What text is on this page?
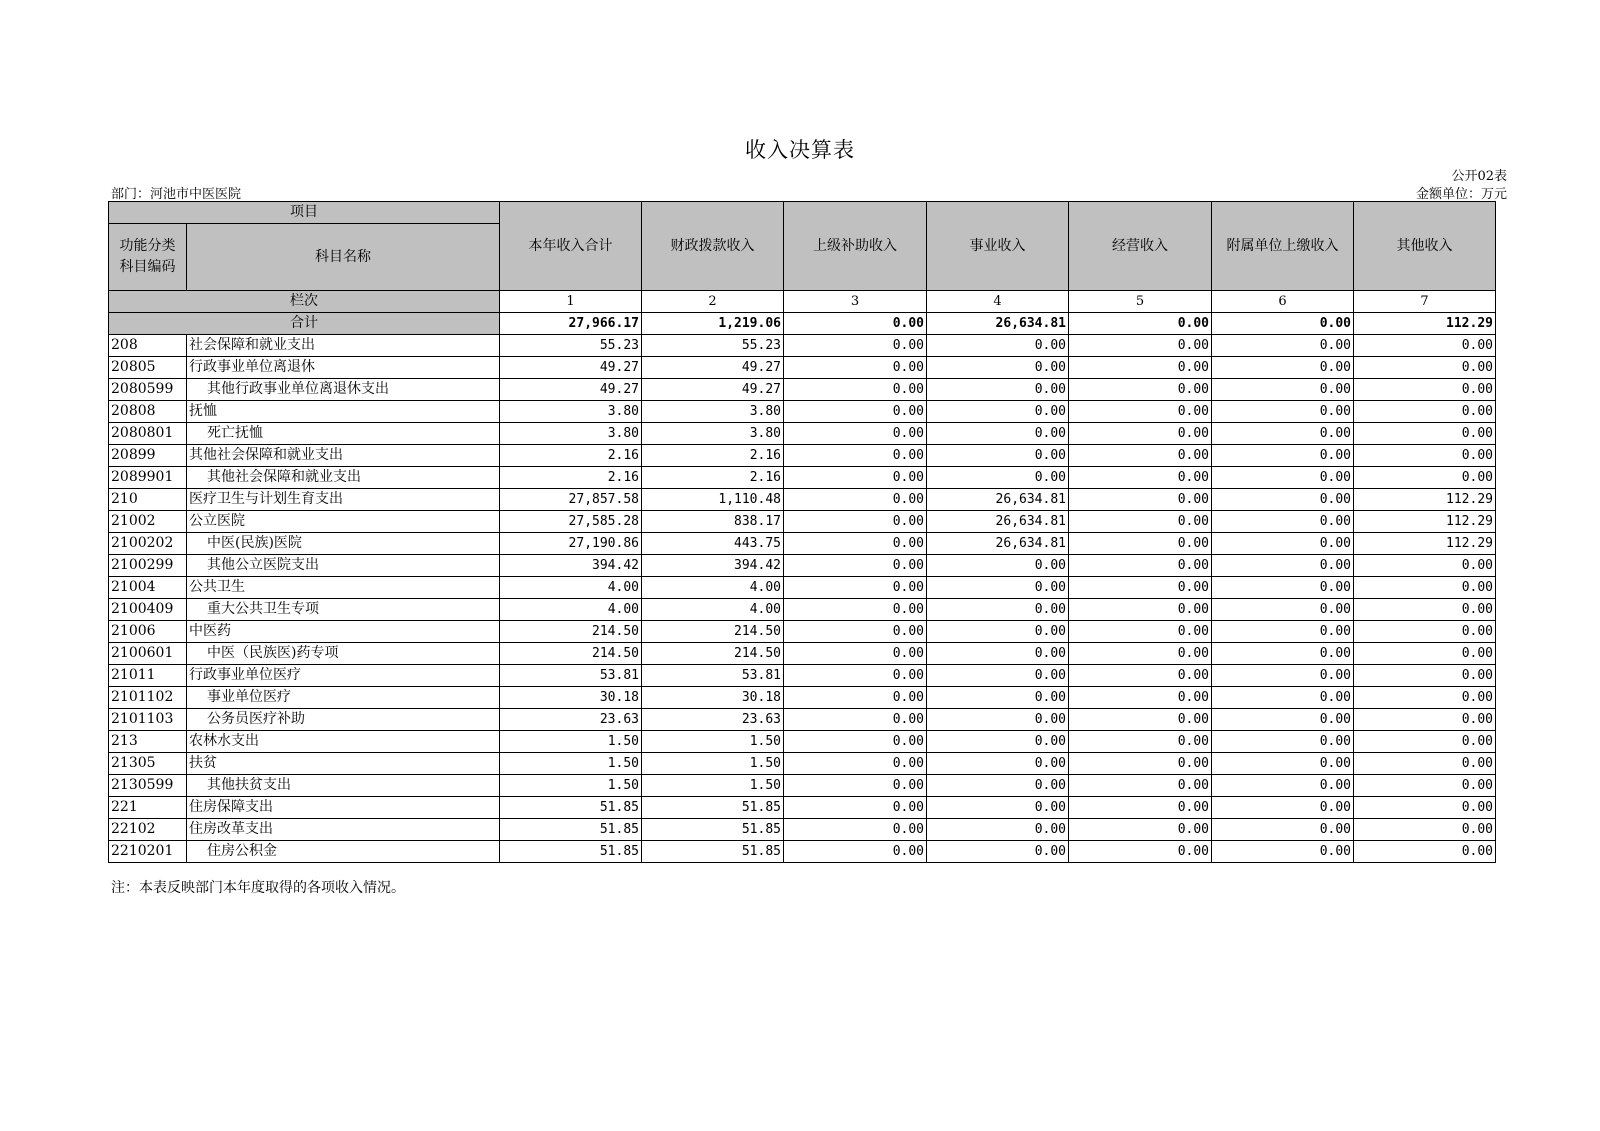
收入决算表
公开02表
部门：河池市中医医院	金额单位：万元
项目		本年收入合计	财政拨款收入	上级补助收入	事业收入	经营收入	附属单位上缴收入	其他收入
功能分类科目编码	科目名称							
栏次		1	2	3	4	5	6	7
合计		27,966.17	1,219.06	0.00	26,634.81	0.00	0.00	112.29
208	社会保障和就业支出	55.23	55.23	0.00	0.00	0.00	0.00	0.00
20805	行政事业单位离退休	49.27	49.27	0.00	0.00	0.00	0.00	0.00
2080599	其他行政事业单位离退休支出	49.27	49.27	0.00	0.00	0.00	0.00	0.00
20808	抚恤	3.80	3.80	0.00	0.00	0.00	0.00	0.00
2080801	死亡抚恤	3.80	3.80	0.00	0.00	0.00	0.00	0.00
20899	其他社会保障和就业支出	2.16	2.16	0.00	0.00	0.00	0.00	0.00
2089901	其他社会保障和就业支出	2.16	2.16	0.00	0.00	0.00	0.00	0.00
210	医疗卫生与计划生育支出	27,857.58	1,110.48	0.00	26,634.81	0.00	0.00	112.29
21002	公立医院	27,585.28	838.17	0.00	26,634.81	0.00	0.00	112.29
2100202	中医(民族)医院	27,190.86	443.75	0.00	26,634.81	0.00	0.00	112.29
2100299	其他公立医院支出	394.42	394.42	0.00	0.00	0.00	0.00	0.00
21004	公共卫生	4.00	4.00	0.00	0.00	0.00	0.00	0.00
2100409	重大公共卫生专项	4.00	4.00	0.00	0.00	0.00	0.00	0.00
21006	中医药	214.50	214.50	0.00	0.00	0.00	0.00	0.00
2100601	中医（民族医)药专项	214.50	214.50	0.00	0.00	0.00	0.00	0.00
21011	行政事业单位医疗	53.81	53.81	0.00	0.00	0.00	0.00	0.00
2101102	事业单位医疗	30.18	30.18	0.00	0.00	0.00	0.00	0.00
2101103	公务员医疗补助	23.63	23.63	0.00	0.00	0.00	0.00	0.00
213	农林水支出	1.50	1.50	0.00	0.00	0.00	0.00	0.00
21305	扶贫	1.50	1.50	0.00	0.00	0.00	0.00	0.00
2130599	其他扶贫支出	1.50	1.50	0.00	0.00	0.00	0.00	0.00
221	住房保障支出	51.85	51.85	0.00	0.00	0.00	0.00	0.00
22102	住房改革支出	51.85	51.85	0.00	0.00	0.00	0.00	0.00
2210201	住房公积金	51.85	51.85	0.00	0.00	0.00	0.00	0.00
注：本表反映部门本年度取得的各项收入情况。
